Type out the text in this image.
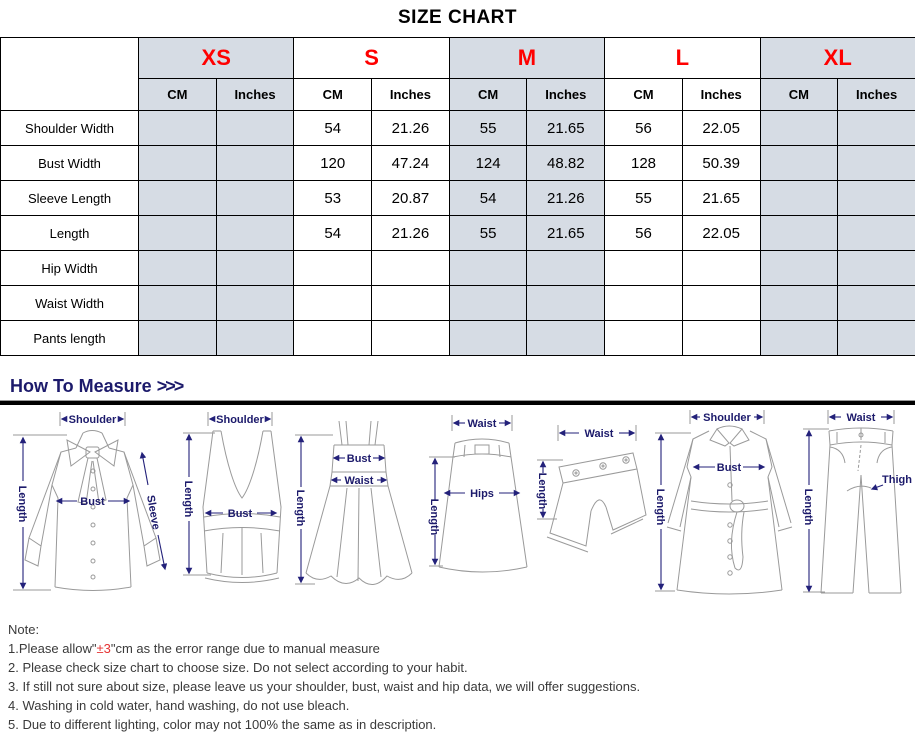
SIZE CHART
	XS		S		M		L		XL	
	CM	Inches	CM	Inches	CM	Inches	CM	Inches	CM	Inches
Shoulder Width			54	21.26	55	21.65	56	22.05		
Bust Width			120	47.24	124	48.82	128	50.39		
Sleeve Length			53	20.87	54	21.26	55	21.65		
Length			54	21.26	55	21.65	56	22.05		
Hip Width										
Waist Width										
Pants length										
How To Measure >>>
Shoulder
Length	Bust	Sleeve
Shoulder
Bust
Length
Bust
Waist
Length
Waist
Hips
Length
Waist
Length
Shoulder
Bust
Length
Waist
Thigh
Length
Note:
1.Please allow"±3"cm as the error range due to manual measure
2. Please check size chart to choose size. Do not select according to your habit.
3. If still not sure about size, please leave us your shoulder, bust, waist and hip data, we will offer suggestions.
4. Washing in cold water, hand washing, do not use bleach.
5. Due to different lighting, color may not 100% the same as in description.
